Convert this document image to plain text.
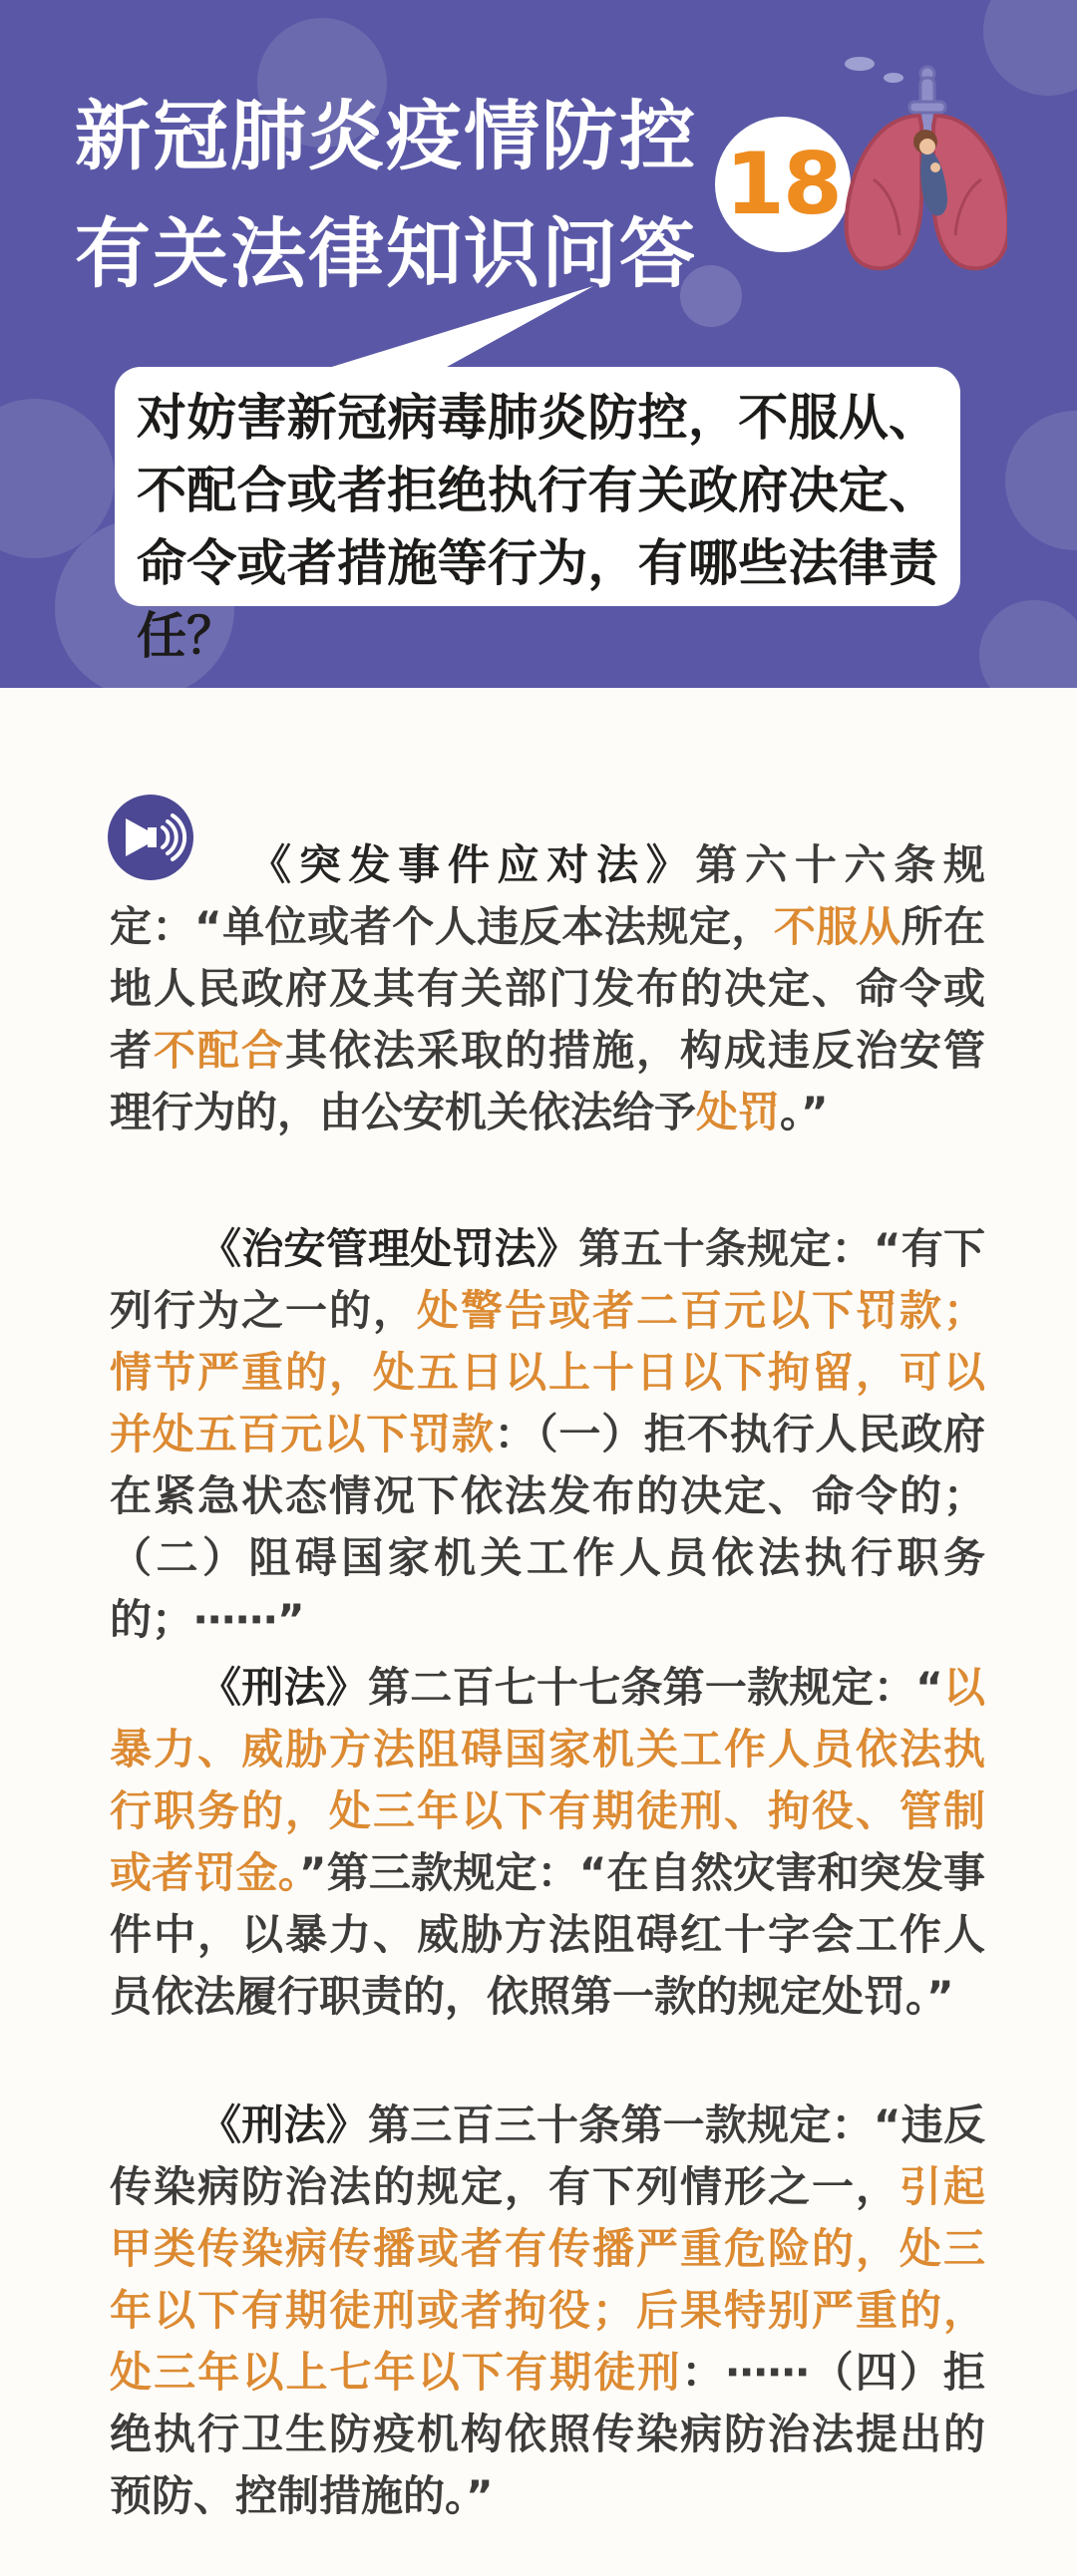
新冠肺炎疫情防控
有关法律知识问答
18

对妨害新冠病毒肺炎防控，不服从、不配合或者拒绝执行有关政府决定、命令或者措施等行为，有哪些法律责任？

《突发事件应对法》第六十六条规定：“单位或者个人违反本法规定，不服从所在地人民政府及其有关部门发布的决定、命令或者不配合其依法采取的措施，构成违反治安管理行为的，由公安机关依法给予处罚。”

《治安管理处罚法》第五十条规定：“有下列行为之一的，处警告或者二百元以下罚款；情节严重的，处五日以上十日以下拘留，可以并处五百元以下罚款：（一）拒不执行人民政府在紧急状态情况下依法发布的决定、命令的；（二）阻碍国家机关工作人员依法执行职务的；⋯⋯”

《刑法》第二百七十七条第一款规定：“以暴力、威胁方法阻碍国家机关工作人员依法执行职务的，处三年以下有期徒刑、拘役、管制或者罚金。”第三款规定：“在自然灾害和突发事件中，以暴力、威胁方法阻碍红十字会工作人员依法履行职责的，依照第一款的规定处罚。”

《刑法》第三百三十条第一款规定：“违反传染病防治法的规定，有下列情形之一，引起甲类传染病传播或者有传播严重危险的，处三年以下有期徒刑或者拘役；后果特别严重的，处三年以上七年以下有期徒刑：⋯⋯（四）拒绝执行卫生防疫机构依照传染病防治法提出的预防、控制措施的。”
